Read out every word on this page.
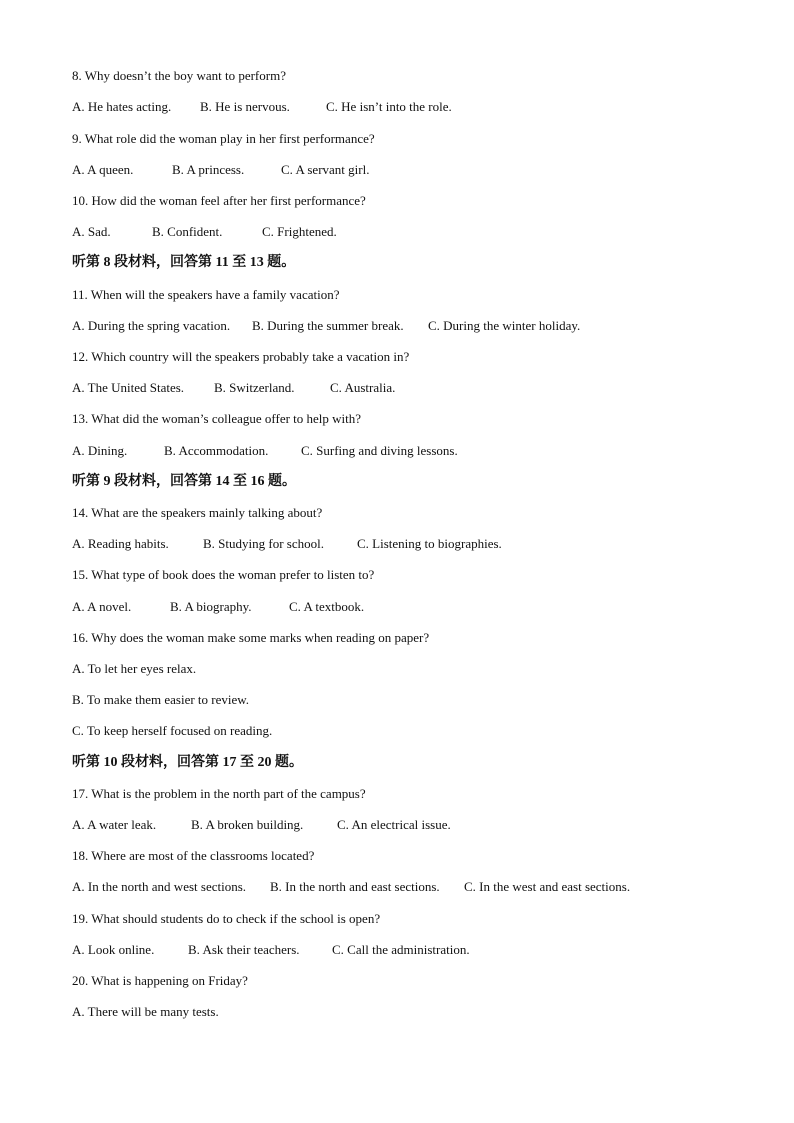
8. Why doesn’t the boy want to perform?
A. He hates acting. B. He is nervous.	C. He isn’t into the role.
9. What role did the woman play in her first performance?
A. A queen.	B. A princess.	C. A servant girl.
10. How did the woman feel after her first performance?
A. Sad.	B. Confident.	C. Frightened.
听第 8 段材料，回答第 11 至 13 题。
11. When will the speakers have a family vacation?
A. During the spring vacation. B. During the summer break. C. During the winter holiday.
12. Which country will the speakers probably take a vacation in?
A. The United States. B. Switzerland.	C. Australia.
13. What did the woman’s colleague offer to help with?
A. Dining.	B. Accommodation.	C. Surfing and diving lessons.
听第 9 段材料，回答第 14 至 16 题。
14. What are the speakers mainly talking about?
A. Reading habits.	B. Studying for school.	C. Listening to biographies.
15. What type of book does the woman prefer to listen to?
A. A novel.	B. A biography.	C. A textbook.
16. Why does the woman make some marks when reading on paper?
A. To let her eyes relax.
B. To make them easier to review.
C. To keep herself focused on reading.
听第 10 段材料，回答第 17 至 20 题。
17. What is the problem in the north part of the campus?
A. A water leak.	B. A broken building.	C. An electrical issue.
18. Where are most of the classrooms located?
A. In the north and west sections. B. In the north and east sections. C. In the west and east sections.
19. What should students do to check if the school is open?
A. Look online.	B. Ask their teachers. C. Call the administration.
20. What is happening on Friday?
A. There will be many tests.
